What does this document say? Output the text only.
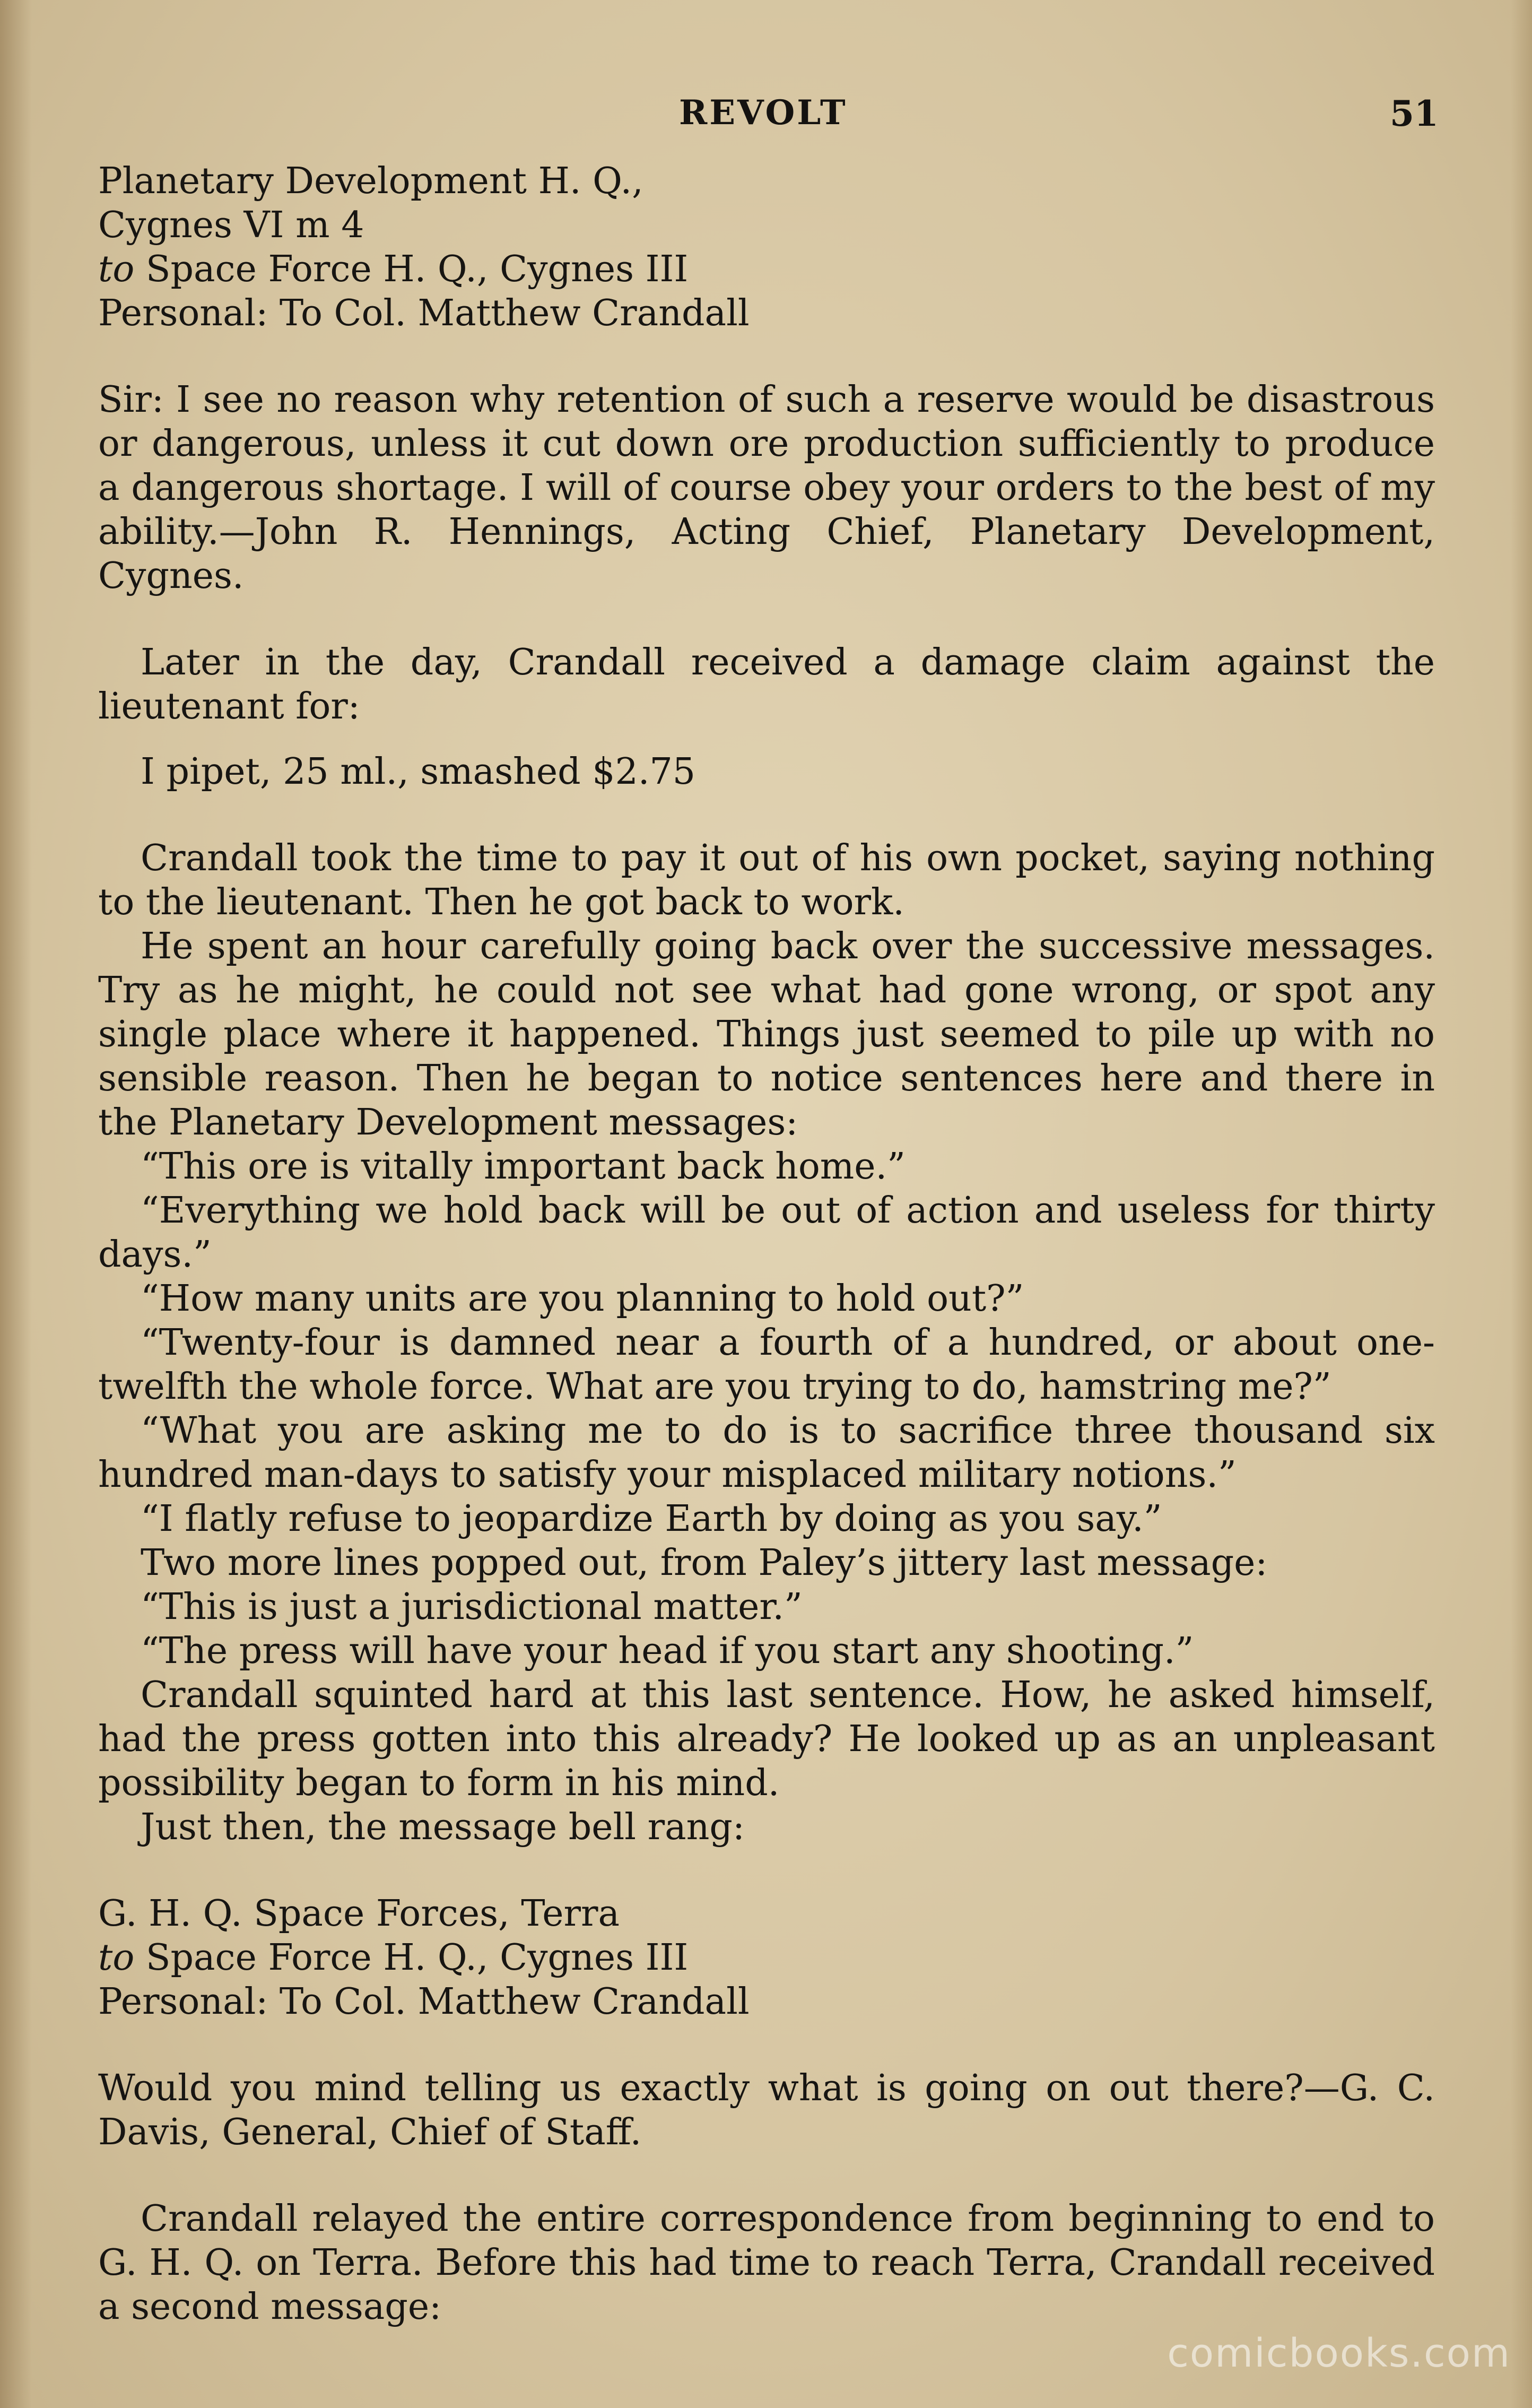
REVOLT	51

Planetary Development H. Q.,

Cygnes VI m 4

to Space Force H. Q., Cygnes III

Personal: To Col. Matthew Crandall

Sir: I see no reason why retention of such a reserve would be disastrous or dangerous, unless it cut down ore production sufficiently to produce a dangerous shortage. I will of course obey your orders to the best of my ability.—John R. Hennings, Acting Chief, Planetary Development, Cygnes.

Later in the day, Crandall received a damage claim against the lieutenant for:

I pipet, 25 ml., smashed $2.75

Crandall took the time to pay it out of his own pocket, saying nothing to the lieutenant. Then he got back to work.

He spent an hour carefully going back over the successive messages. Try as he might, he could not see what had gone wrong, or spot any single place where it happened. Things just seemed to pile up with no sensible reason. Then he began to notice sentences here and there in the Planetary Development messages:

“This ore is vitally important back home.”

“Everything we hold back will be out of action and useless for thirty days.”

“How many units are you planning to hold out?”

“Twenty-four is damned near a fourth of a hundred, or about one-twelfth the whole force. What are you trying to do, hamstring me?”

“What you are asking me to do is to sacrifice three thousand six hundred man-days to satisfy your misplaced military notions.”

“I flatly refuse to jeopardize Earth by doing as you say.”

Two more lines popped out, from Paley’s jittery last message:

“This is just a jurisdictional matter.”

“The press will have your head if you start any shooting.”

Crandall squinted hard at this last sentence. How, he asked himself, had the press gotten into this already? He looked up as an unpleasant possibility began to form in his mind.

Just then, the message bell rang:

G. H. Q. Space Forces, Terra

to Space Force H. Q., Cygnes III

Personal: To Col. Matthew Crandall

Would you mind telling us exactly what is going on out there?—G. C. Davis, General, Chief of Staff.

Crandall relayed the entire correspondence from beginning to end to G. H. Q. on Terra. Before this had time to reach Terra, Crandall received a second message:

comicbooks.com
